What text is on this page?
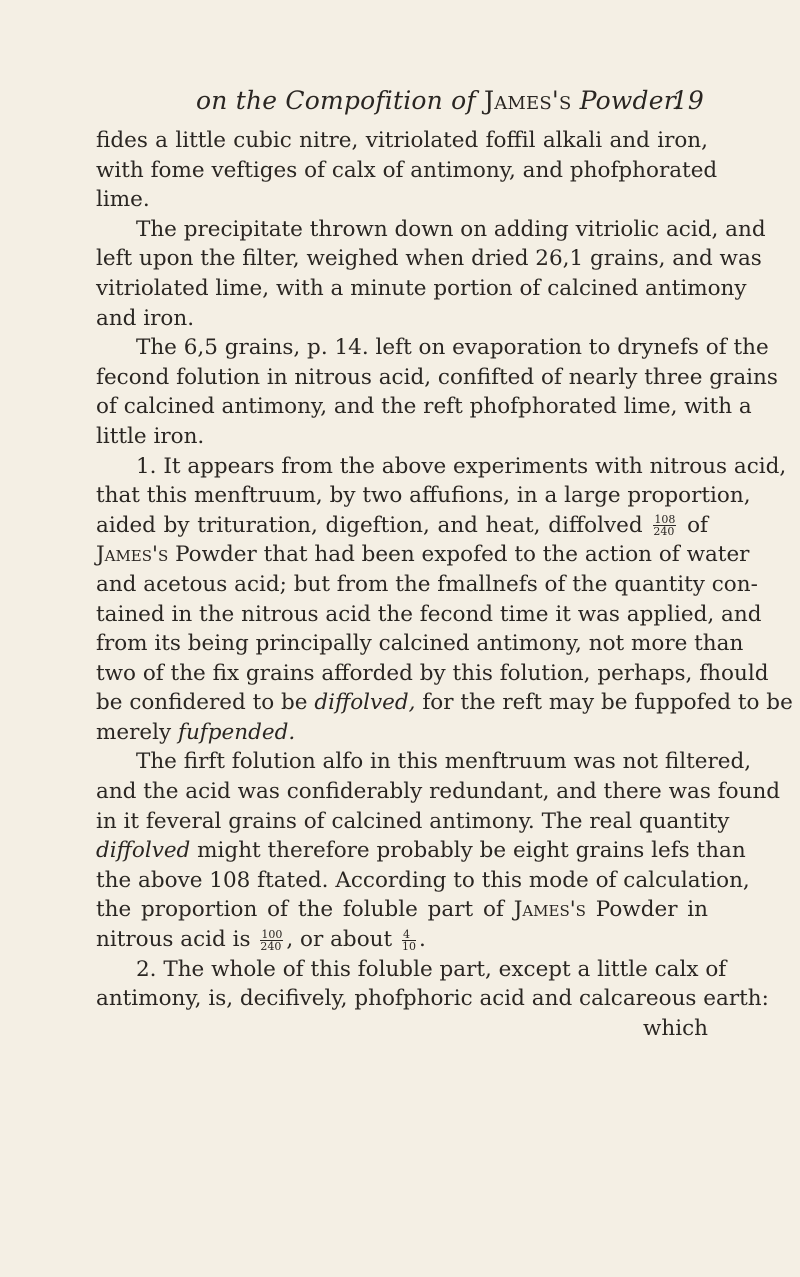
on the Compofition of James's Powder.
19
fides a little cubic nitre, vitriolated foffil alkali and iron,
with fome veftiges of calx of antimony, and phofphorated
lime.
The precipitate thrown down on adding vitriolic acid, and
left upon the filter, weighed when dried 26,1 grains, and was
vitriolated lime, with a minute portion of calcined antimony
and iron.
The 6,5 grains, p. 14. left on evaporation to drynefs of the
fecond folution in nitrous acid, confifted of nearly three grains
of calcined antimony, and the reft phofphorated lime, with a
little iron.
1. It appears from the above experiments with nitrous acid,
that this menftruum, by two affufions, in a large proportion,
aided by trituration, digeftion, and heat, diffolved $\frac{108}{240}$ of
James's Powder that had been expofed to the action of water
and acetous acid; but from the fmallnefs of the quantity con-
tained in the nitrous acid the fecond time it was applied, and
from its being principally calcined antimony, not more than
two of the fix grains afforded by this folution, perhaps, fhould
be confidered to be diffolved, for the reft may be fuppofed to be
merely fufpended.
The firft folution alfo in this menftruum was not filtered,
and the acid was confiderably redundant, and there was found
in it feveral grains of calcined antimony. The real quantity
diffolved might therefore probably be eight grains lefs than
the above 108 ftated. According to this mode of calculation,
the proportion of the foluble part of James's Powder in
nitrous acid is $\frac{100}{240}$ , or about $\frac{4}{10}$ .
2. The whole of this foluble part, except a little calx of
antimony, is, decifively, phofphoric acid and calcareous earth:
which
